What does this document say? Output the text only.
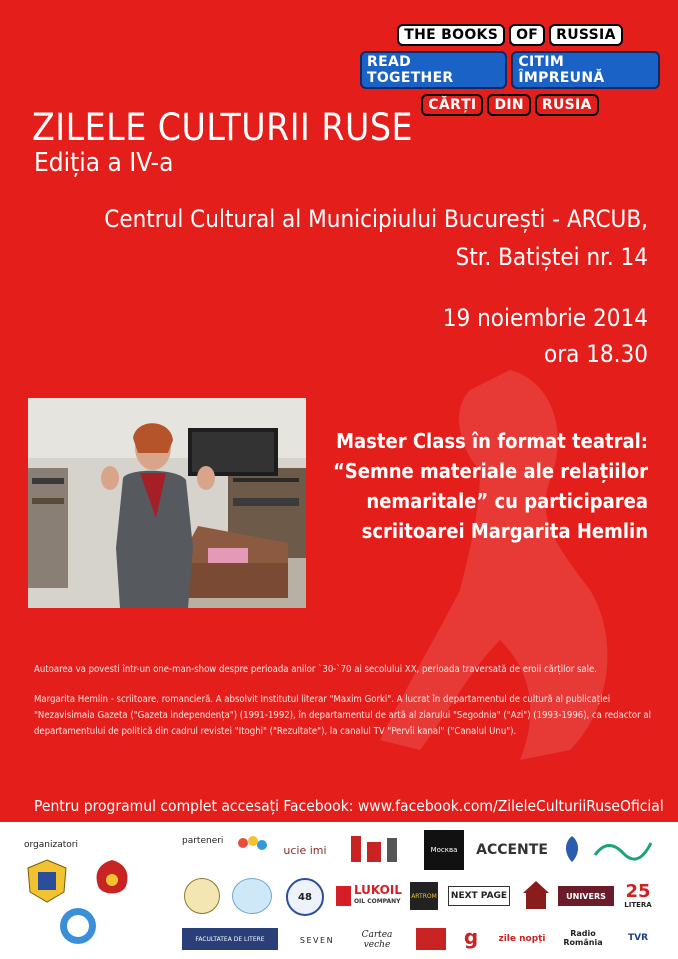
THE BOOKS	OF	RUSSIA
READ TOGETHER
CITIM ÎMPREUNĂ
CĂRȚI	DIN	RUSIA
ZILELE CULTURII RUSE
Ediția a IV-a
Centrul Cultural al Municipiului București - ARCUB,
Str. Batiștei nr. 14
19 noiembrie 2014
ora 18.30
Master Class în format teatral:
“Semne materiale ale relațiilor
nemaritale” cu participarea
scriitoarei Margarita Hemlin
Autoarea va povesti într-un one-man-show despre perioada anilor `30-`70 ai secolului XX, perioada traversată de eroii cărților sale.
Margarita Hemlin - scriitoare, romancieră. A absolvit Institutul literar "Maxim Gorki". A lucrat în departamentul de cultură al publicației "Nezavisimaia Gazeta ("Gazeta independența") (1991-1992), în departamentul de artă al ziarului "Segodnia" ("Azi") (1993-1996), ca redactor al departamentului de politică din cadrul revistei "Itoghi" ("Rezultate"), la canalul TV "Pervîi kanal" ("Canalul Unu").
Pentru programul complet accesați Facebook: www.facebook.com/ZileleCulturiiRuseOficial
organizatori	parteneri
ucie imi	Москва	ACCENTE
48	LUKOIL
OIL COMPANY
ARTROM	NEXT PAGE	UNIVERS	25
LITERA
FACULTATEA DE LITERE	SEVEN	Cartea veche	g	zile nopți
Radio România	TVR
